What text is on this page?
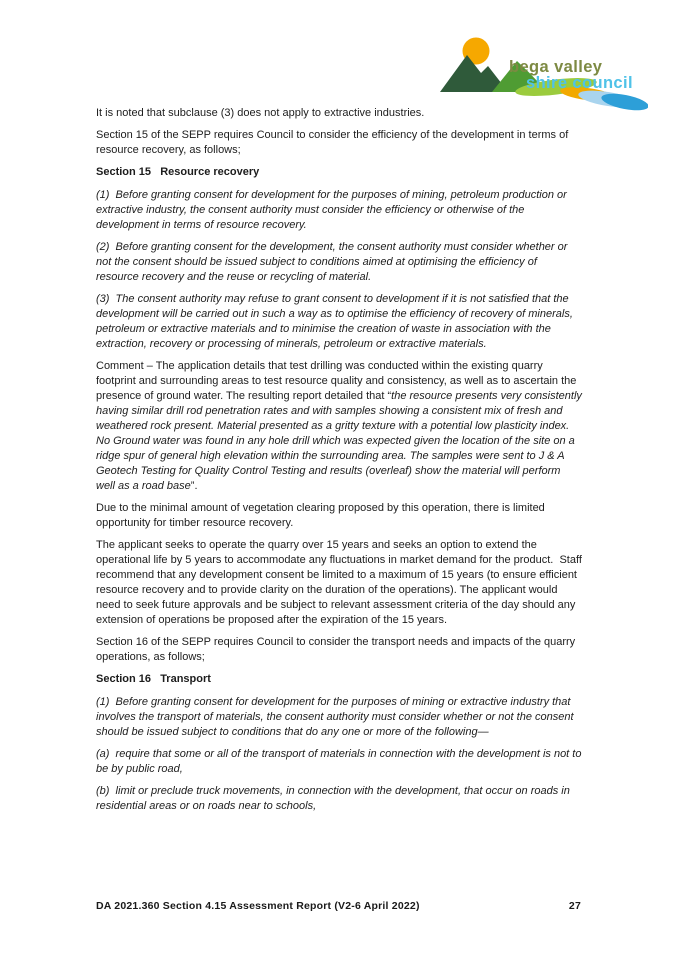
bega valley
shire council

It is noted that subclause (3) does not apply to extractive industries.

Section 15 of the SEPP requires Council to consider the efficiency of the development in terms of resource recovery, as follows;

Section 15   Resource recovery

(1)  Before granting consent for development for the purposes of mining, petroleum production or extractive industry, the consent authority must consider the efficiency or otherwise of the development in terms of resource recovery.

(2)  Before granting consent for the development, the consent authority must consider whether or not the consent should be issued subject to conditions aimed at optimising the efficiency of resource recovery and the reuse or recycling of material.

(3)  The consent authority may refuse to grant consent to development if it is not satisfied that the development will be carried out in such a way as to optimise the efficiency of recovery of minerals, petroleum or extractive materials and to minimise the creation of waste in association with the extraction, recovery or processing of minerals, petroleum or extractive materials.

Comment – The application details that test drilling was conducted within the existing quarry footprint and surrounding areas to test resource quality and consistency, as well as to ascertain the presence of ground water. The resulting report detailed that “the resource presents very consistently having similar drill rod penetration rates and with samples showing a consistent mix of fresh and weathered rock present. Material presented as a gritty texture with a potential low plasticity index. No Ground water was found in any hole drill which was expected given the location of the site on a ridge spur of general high elevation within the surrounding area. The samples were sent to J & A Geotech Testing for Quality Control Testing and results (overleaf) show the material will perform well as a road base”.

Due to the minimal amount of vegetation clearing proposed by this operation, there is limited opportunity for timber resource recovery.

The applicant seeks to operate the quarry over 15 years and seeks an option to extend the operational life by 5 years to accommodate any fluctuations in market demand for the product.  Staff recommend that any development consent be limited to a maximum of 15 years (to ensure efficient resource recovery and to provide clarity on the duration of the operations). The applicant would need to seek future approvals and be subject to relevant assessment criteria of the day should any extension of operations be proposed after the expiration of the 15 years.

Section 16 of the SEPP requires Council to consider the transport needs and impacts of the quarry operations, as follows;

Section 16   Transport

(1)  Before granting consent for development for the purposes of mining or extractive industry that involves the transport of materials, the consent authority must consider whether or not the consent should be issued subject to conditions that do any one or more of the following—

(a)  require that some or all of the transport of materials in connection with the development is not to be by public road,

(b)  limit or preclude truck movements, in connection with the development, that occur on roads in residential areas or on roads near to schools,

DA 2021.360 Section 4.15 Assessment Report (V2-6 April 2022)	27
